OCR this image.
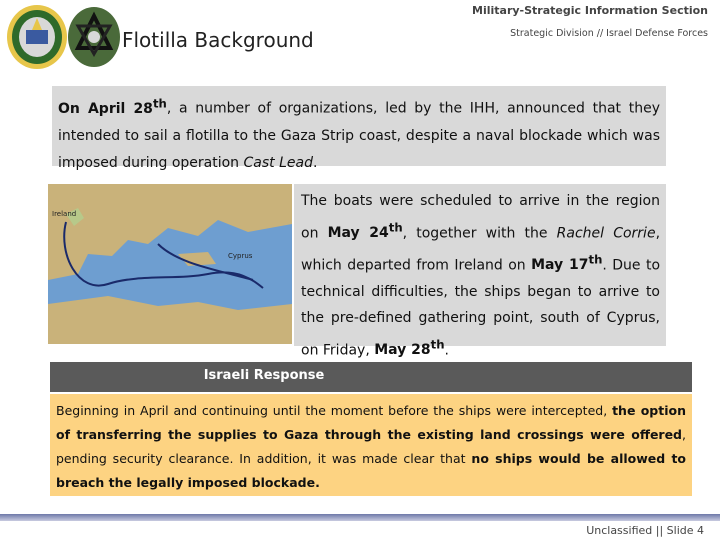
Flotilla Background
Military-Strategic Information Section
Strategic Division // Israel Defense Forces

On April 28th, a number of organizations, led by the IHH, announced that they intended to sail a flotilla to the Gaza Strip coast, despite a naval blockade which was imposed during operation Cast Lead.

Ireland
Cyprus

The boats were scheduled to arrive in the region on May 24th, together with the Rachel Corrie, which departed from Ireland on May 17th. Due to technical difficulties, the ships began to arrive to the pre-defined gathering point, south of Cyprus, on Friday, May 28th.

Israeli Response

Beginning in April and continuing until the moment before the ships were intercepted, the option of transferring the supplies to Gaza through the existing land crossings were offered, pending security clearance. In addition, it was made clear that no ships would be allowed to breach the legally imposed blockade.

Unclassified || Slide 4
